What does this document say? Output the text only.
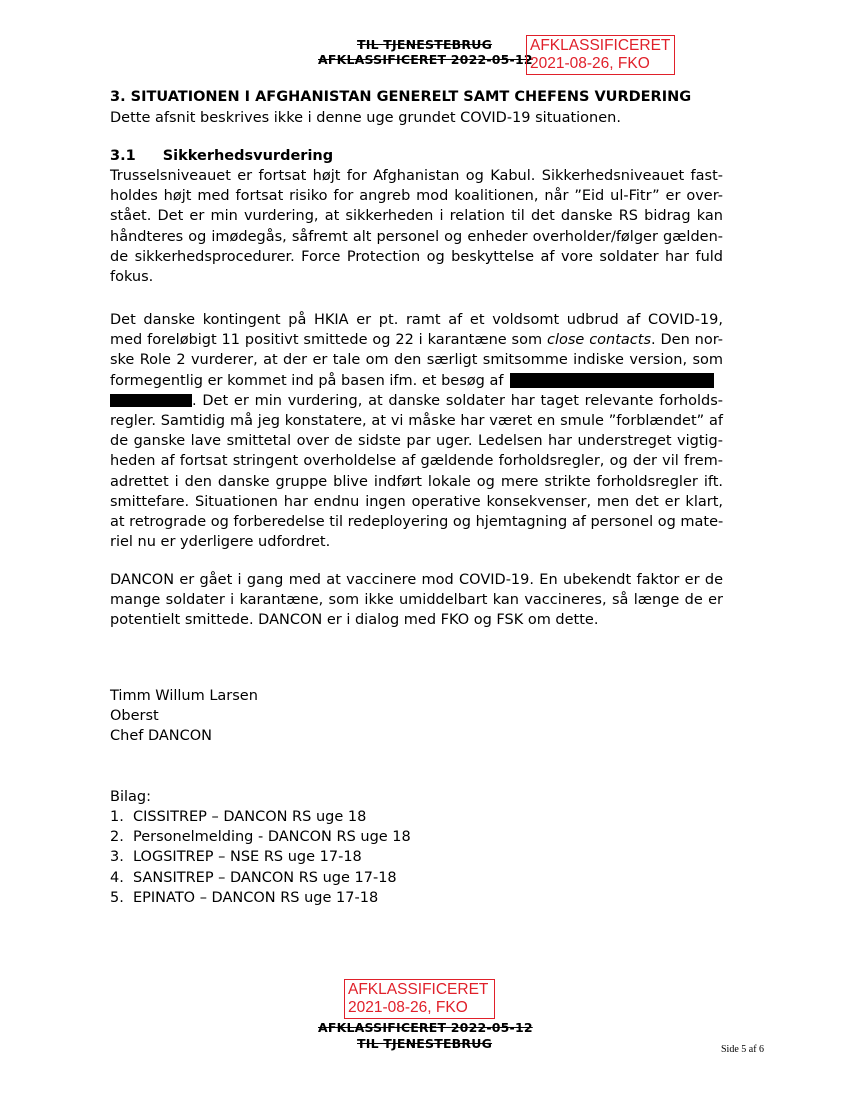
TIL TJENESTEBRUG
AFKLASSIFICERET 2022-05-12
AFKLASSIFICERET
2021-08-26, FKO
3. SITUATIONEN I AFGHANISTAN GENERELT SAMT CHEFENS VURDERING
Dette afsnit beskrives ikke i denne uge grundet COVID-19 situationen.
3.1 Sikkerhedsvurdering
Trusselsniveauet er fortsat højt for Afghanistan og Kabul. Sikkerhedsniveauet fast-
holdes højt med fortsat risiko for angreb mod koalitionen, når ”Eid ul-Fitr” er over-
stået. Det er min vurdering, at sikkerheden i relation til det danske RS bidrag kan
håndteres og imødegås, såfremt alt personel og enheder overholder/følger gælden-
de sikkerhedsprocedurer. Force Protection og beskyttelse af vore soldater har fuld
fokus.
Det danske kontingent på HKIA er pt. ramt af et voldsomt udbrud af COVID-19,
med foreløbigt 11 positivt smittede og 22 i karantæne som close contacts. Den nor-
ske Role 2 vurderer, at der er tale om den særligt smitsomme indiske version, som
formegentlig er kommet ind på basen ifm. et besøg af
. Det er min vurdering, at danske soldater har taget relevante forholds-
regler. Samtidig må jeg konstatere, at vi måske har været en smule ”forblændet” af
de ganske lave smittetal over de sidste par uger. Ledelsen har understreget vigtig-
heden af fortsat stringent overholdelse af gældende forholdsregler, og der vil frem-
adrettet i den danske gruppe blive indført lokale og mere strikte forholdsregler ift.
smittefare. Situationen har endnu ingen operative konsekvenser, men det er klart,
at retrograde og forberedelse til redeployering og hjemtagning af personel og mate-
riel nu er yderligere udfordret.
DANCON er gået i gang med at vaccinere mod COVID-19. En ubekendt faktor er de
mange soldater i karantæne, som ikke umiddelbart kan vaccineres, så længe de er
potentielt smittede. DANCON er i dialog med FKO og FSK om dette.
Timm Willum Larsen
Oberst
Chef DANCON
Bilag:
1. CISSITREP – DANCON RS uge 18
2. Personelmelding - DANCON RS uge 18
3. LOGSITREP – NSE RS uge 17-18
4. SANSITREP – DANCON RS uge 17-18
5. EPINATO – DANCON RS uge 17-18
AFKLASSIFICERET
2021-08-26, FKO
AFKLASSIFICERET 2022-05-12
TIL TJENESTEBRUG	Side 5 af 6
